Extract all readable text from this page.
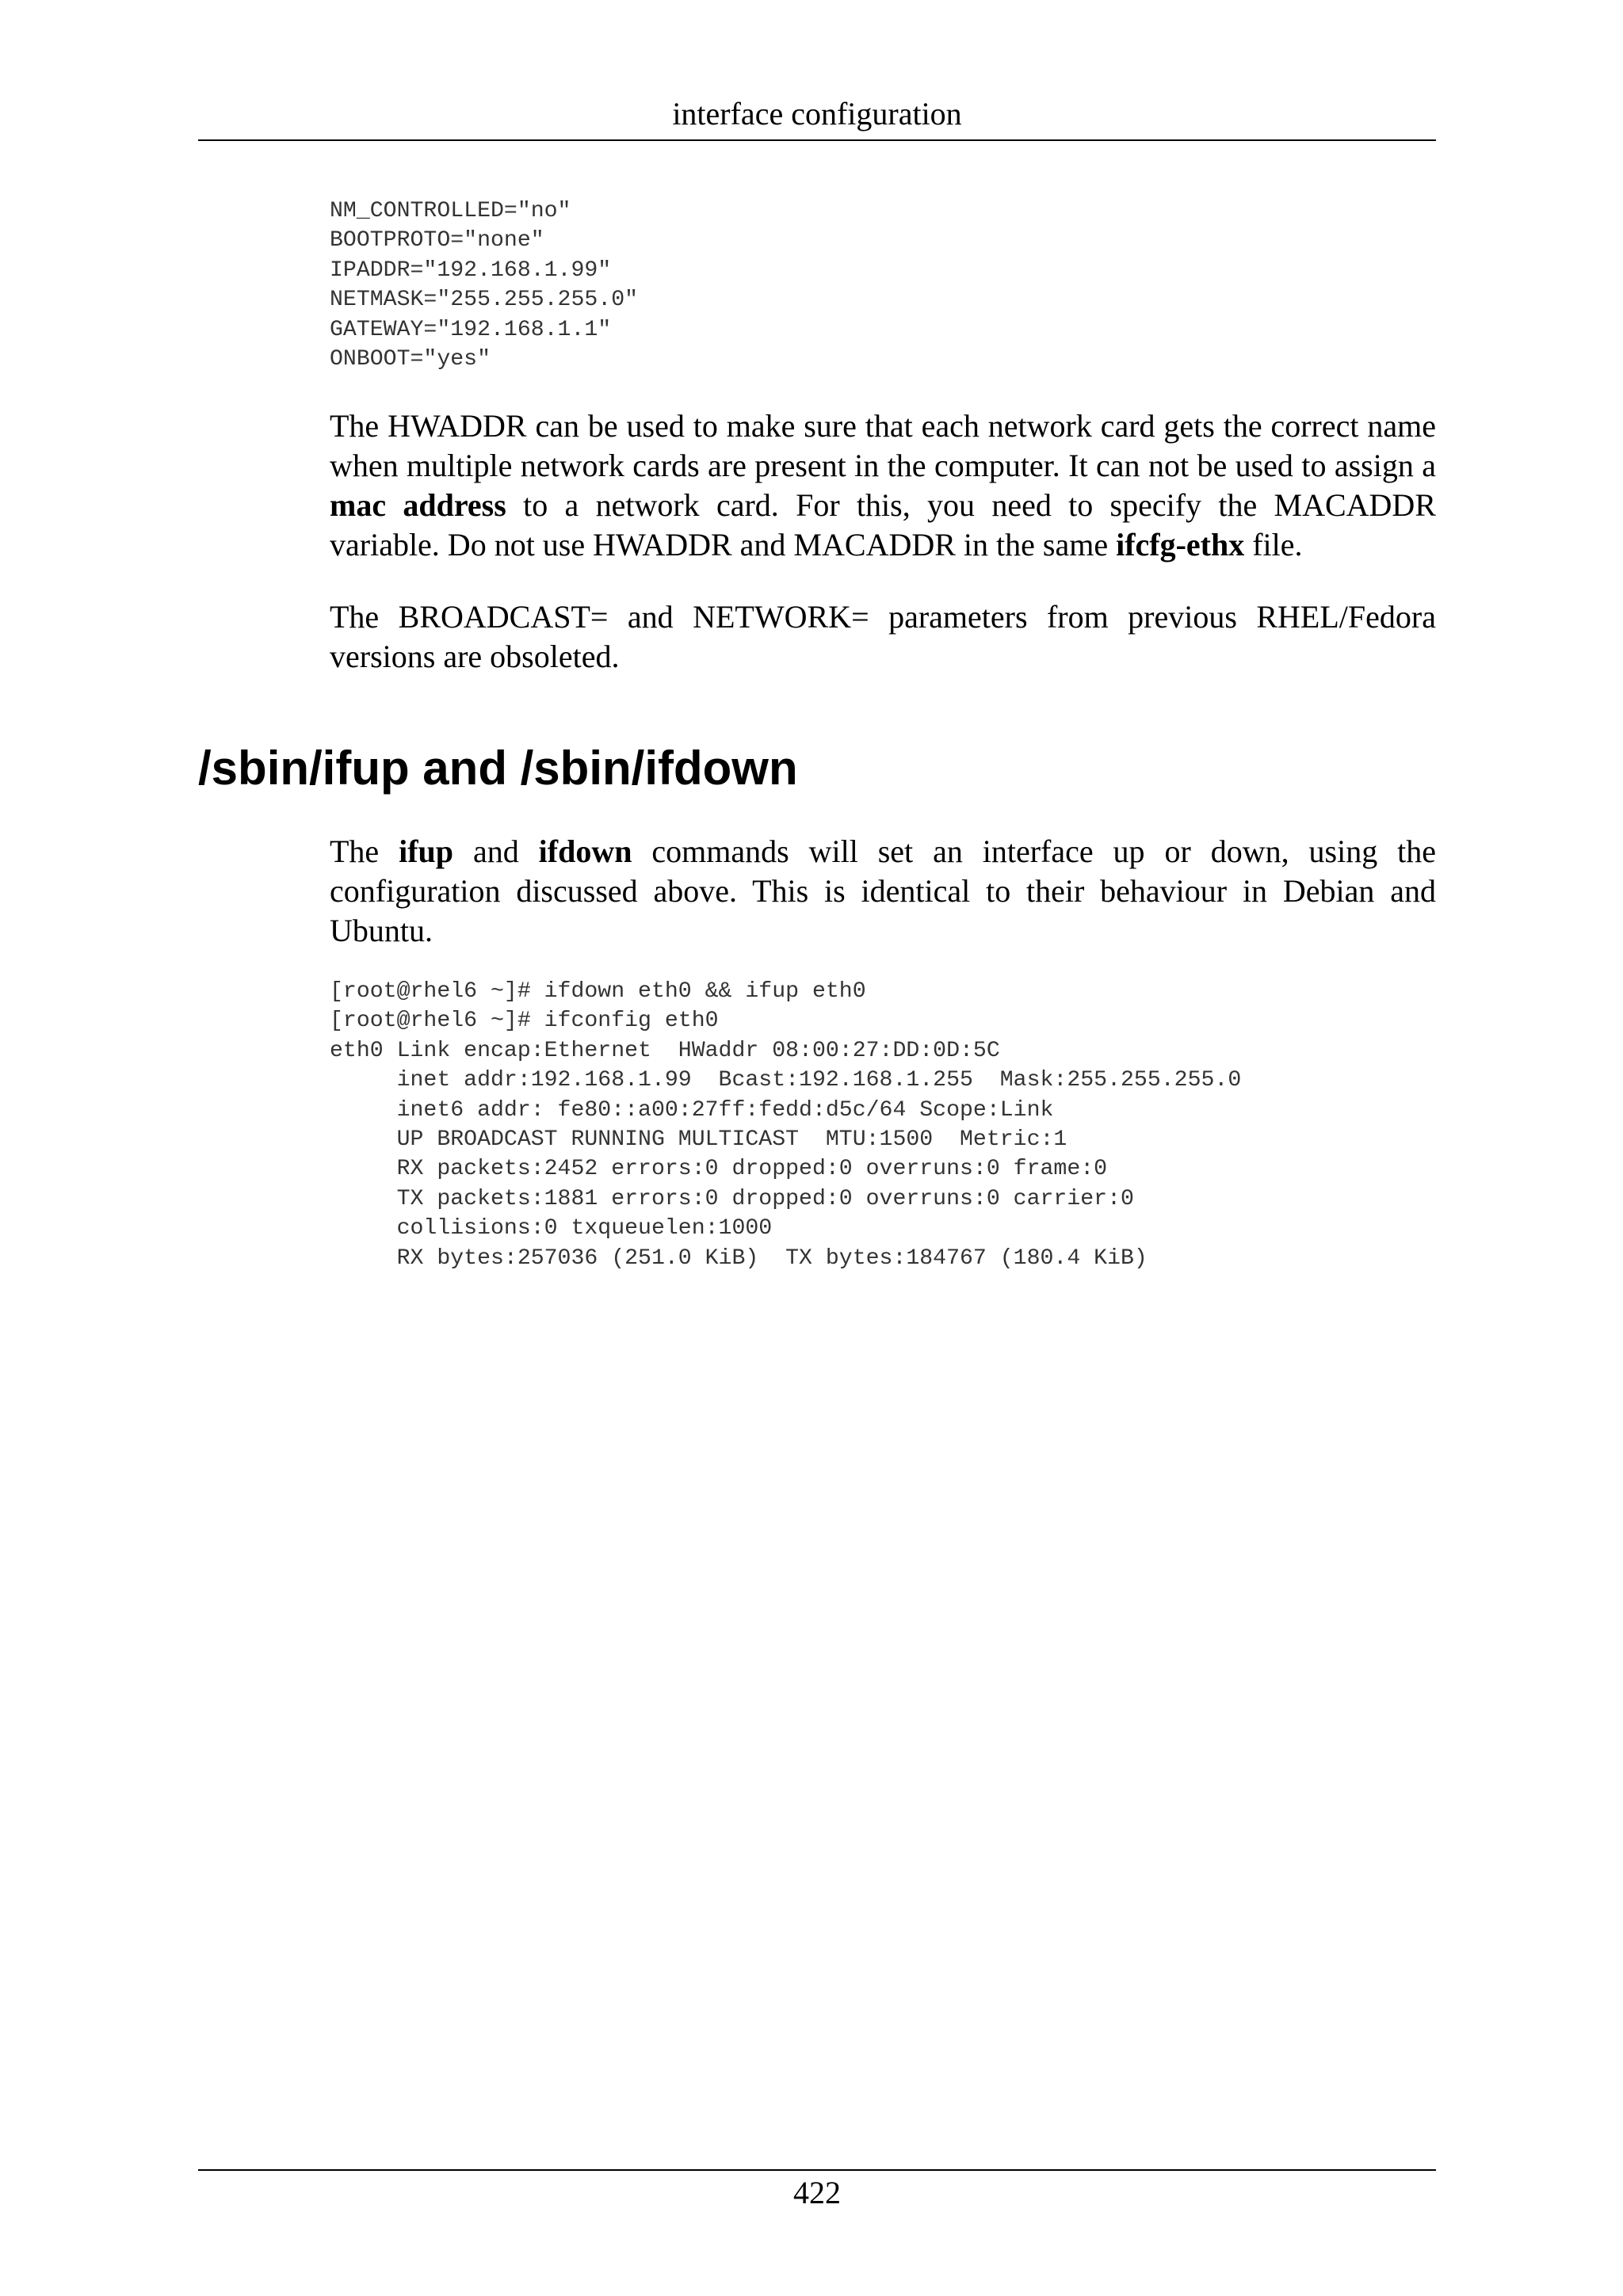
interface configuration
NM_CONTROLLED="no"
BOOTPROTO="none"
IPADDR="192.168.1.99"
NETMASK="255.255.255.0"
GATEWAY="192.168.1.1"
ONBOOT="yes"

The HWADDR can be used to make sure that each network card gets the correct name when multiple network cards are present in the computer. It can not be used to assign a mac address to a network card. For this, you need to specify the MACADDR variable. Do not use HWADDR and MACADDR in the same ifcfg-ethx file.

The BROADCAST= and NETWORK= parameters from previous RHEL/Fedora versions are obsoleted.

/sbin/ifup and /sbin/ifdown

The ifup and ifdown commands will set an interface up or down, using the configuration discussed above. This is identical to their behaviour in Debian and Ubuntu.

[root@rhel6 ~]# ifdown eth0 && ifup eth0
[root@rhel6 ~]# ifconfig eth0
eth0 Link encap:Ethernet  HWaddr 08:00:27:DD:0D:5C
inet addr:192.168.1.99  Bcast:192.168.1.255  Mask:255.255.255.0
inet6 addr: fe80::a00:27ff:fedd:d5c/64 Scope:Link
UP BROADCAST RUNNING MULTICAST  MTU:1500  Metric:1
RX packets:2452 errors:0 dropped:0 overruns:0 frame:0
TX packets:1881 errors:0 dropped:0 overruns:0 carrier:0
collisions:0 txqueuelen:1000
RX bytes:257036 (251.0 KiB)  TX bytes:184767 (180.4 KiB)
422
